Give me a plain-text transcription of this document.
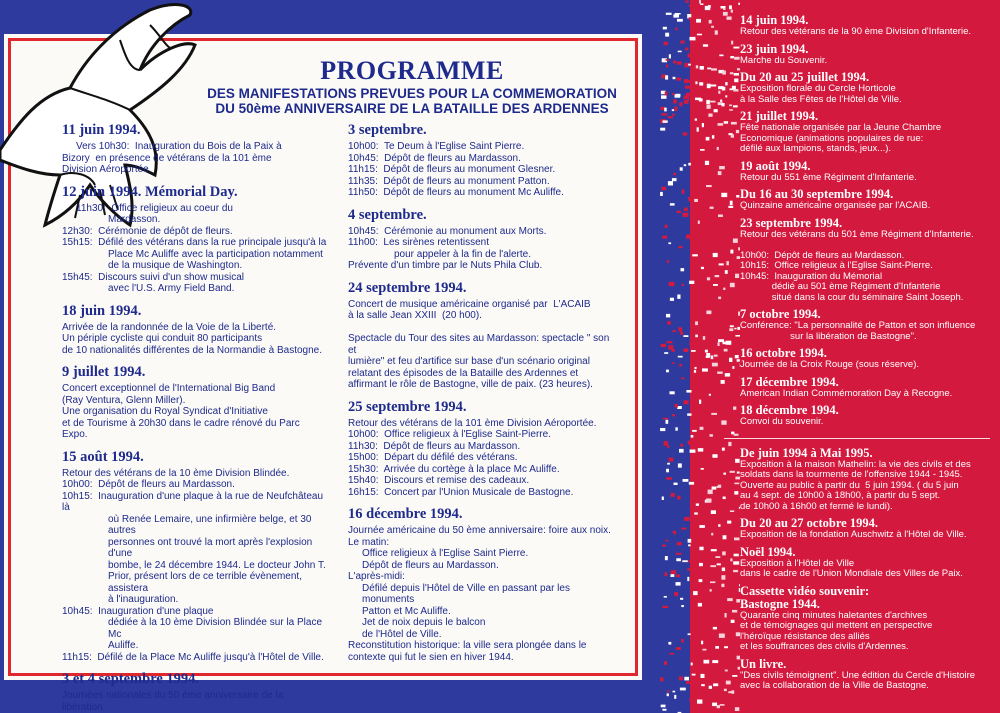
PROGRAMME
DES MANIFESTATIONS PREVUES POUR LA COMMEMORATION
DU 50ème ANNIVERSAIRE DE LA BATAILLE DES ARDENNES
11 juin 1994.
Vers 10h30:  Inauguration du Bois de la Paix à
Bizory  en présence de vétérans de la 101 ème
Division Aéroportée.
12 juin 1994. Mémorial Day.
11h30:  Office religieux au coeur du
Mardasson.
12h30:  Cérémonie de dépôt de fleurs.
15h15:  Défilé des vétérans dans la rue principale jusqu'à la
Place Mc Auliffe avec la participation notamment
de la musique de Washington.
15h45:  Discours suivi d'un show musical
avec l'U.S. Army Field Band.
18 juin 1994.
Arrivée de la randonnée de la Voie de la Liberté.
Un périple cycliste qui conduit 80 participants
de 10 nationalités différentes de la Normandie à Bastogne.
9 juillet 1994.
Concert exceptionnel de l'International Big Band
(Ray Ventura, Glenn Miller).
Une organisation du Royal Syndicat d'Initiative
et de Tourisme à 20h30 dans le cadre rénové du Parc Expo.
15 août 1994.
Retour des vétérans de la 10 ème Division Blindée.
10h00:  Dépôt de fleurs au Mardasson.
10h15:  Inauguration d'une plaque à la rue de Neufchâteau là
où Renée Lemaire, une infirmière belge, et 30 autres
personnes ont trouvé la mort après l'explosion d'une
bombe, le 24 décembre 1944. Le docteur John T.
Prior, présent lors de ce terrible évènement, assistera
à l'inauguration.
10h45:  Inauguration d'une plaque
dédiée à la 10 ème Division Blindée sur la Place Mc
Auliffe.
11h15:  Défilé de la Place Mc Auliffe jusqu'à l'Hôtel de Ville.
3 et 4 septembre 1994.
Journées nationales du 50 ème anniversaire de la libération.
3 septembre.
10h00:  Te Deum à l'Eglise Saint Pierre.
10h45:  Dépôt de fleurs au Mardasson.
11h15:  Dépôt de fleurs au monument Glesner.
11h35:  Dépôt de fleurs au monument Patton.
11h50:  Dépôt de fleurs au monument Mc Auliffe.
4 septembre.
10h45:  Cérémonie au monument aux Morts.
11h00:  Les sirènes retentissent
pour appeler à la fin de l'alerte.
Prévente d'un timbre par le Nuts Phila Club.
24 septembre 1994.
Concert de musique américaine organisé par  L'ACAIB
à la salle Jean XXIII  (20 h00).

Spectacle du Tour des sites au Mardasson: spectacle " son et
lumière" et feu d'artifice sur base d'un scénario original
relatant des épisodes de la Bataille des Ardennes et
affirmant le rôle de Bastogne, ville de paix. (23 heures).
25 septembre 1994.
Retour des vétérans de la 101 ème Division Aéroportée.
10h00:  Office religieux à l'Eglise Saint-Pierre.
11h30:  Dépôt de fleurs au Mardasson.
15h00:  Départ du défilé des vétérans.
15h30:  Arrivée du cortège à la place Mc Auliffe.
15h40:  Discours et remise des cadeaux.
16h15:  Concert par l'Union Musicale de Bastogne.
16 décembre 1994.
Journée américaine du 50 ème anniversaire: foire aux noix.
Le matin:
Office religieux à l'Eglise Saint Pierre.
Dépôt de fleurs au Mardasson.
L'après-midi:
Défilé depuis l'Hôtel de Ville en passant par les monuments
Patton et Mc Auliffe.
Jet de noix depuis le balcon
de l'Hôtel de Ville.
Reconstitution historique: la ville sera plongée dans le
contexte qui fut le sien en hiver 1944.
14 juin 1994.
Retour des vétérans de la 90 ème Division d'Infanterie.
23 juin 1994.
Marche du Souvenir.
Du 20 au 25 juillet 1994.
Exposition florale du Cercle Horticole
à la Salle des Fêtes de l'Hôtel de Ville.
21 juillet 1994.
Fête nationale organisée par la Jeune Chambre
Economique (animations populaires de rue:
défilé aux lampions, stands, jeux...).
19 août 1994.
Retour du 551 ème Régiment d'Infanterie.
Du 16 au 30 septembre 1994.
Quinzaine américaine organisée par l'ACAIB.
23 septembre 1994.
Retour des vétérans du 501 ème Régiment d'Infanterie.

10h00:  Dépôt de fleurs au Mardasson.
10h15:  Office religieux à l'Eglise Saint-Pierre.
10h45:  Inauguration du Mémorial
dédié au 501 ème Régiment d'Infanterie
situé dans la cour du séminaire Saint Joseph.
7 octobre 1994.
Conférence: "La personnalité de Patton et son influence
sur la libération de Bastogne".
16 octobre 1994.
Journée de la Croix Rouge (sous réserve).
17 décembre 1994.
American Indian Commémoration Day à Recogne.
18 décembre 1994.
Convoi du souvenir.
De juin 1994 à Mai 1995.
Exposition à la maison Mathelin: la vie des civils et des
soldats dans la tourmente de l'offensive 1944 - 1945.
Ouverte au public à partir du  5 juin 1994. ( du 5 juin
au 4 sept. de 10h00 à 18h00, à partir du 5 sept.
de 10h00 à 16h00 et fermé le lundi).
Du 20 au 27 octobre 1994.
Exposition de la fondation Auschwitz à l'Hôtel de Ville.
Noël 1994.
Exposition à l'Hôtel de Ville
dans le cadre de l'Union Mondiale des Villes de Paix.
Cassette vidéo souvenir:
Bastogne 1944.
Quarante cinq minutes haletantes d'archives
et de témoignages qui mettent en perspective
l'héroïque résistance des alliés
et les souffrances des civils d'Ardennes.
Un livre.
"Des civils témoignent". Une édition du Cercle d'Histoire
avec la collaboration de la Ville de Bastogne.
